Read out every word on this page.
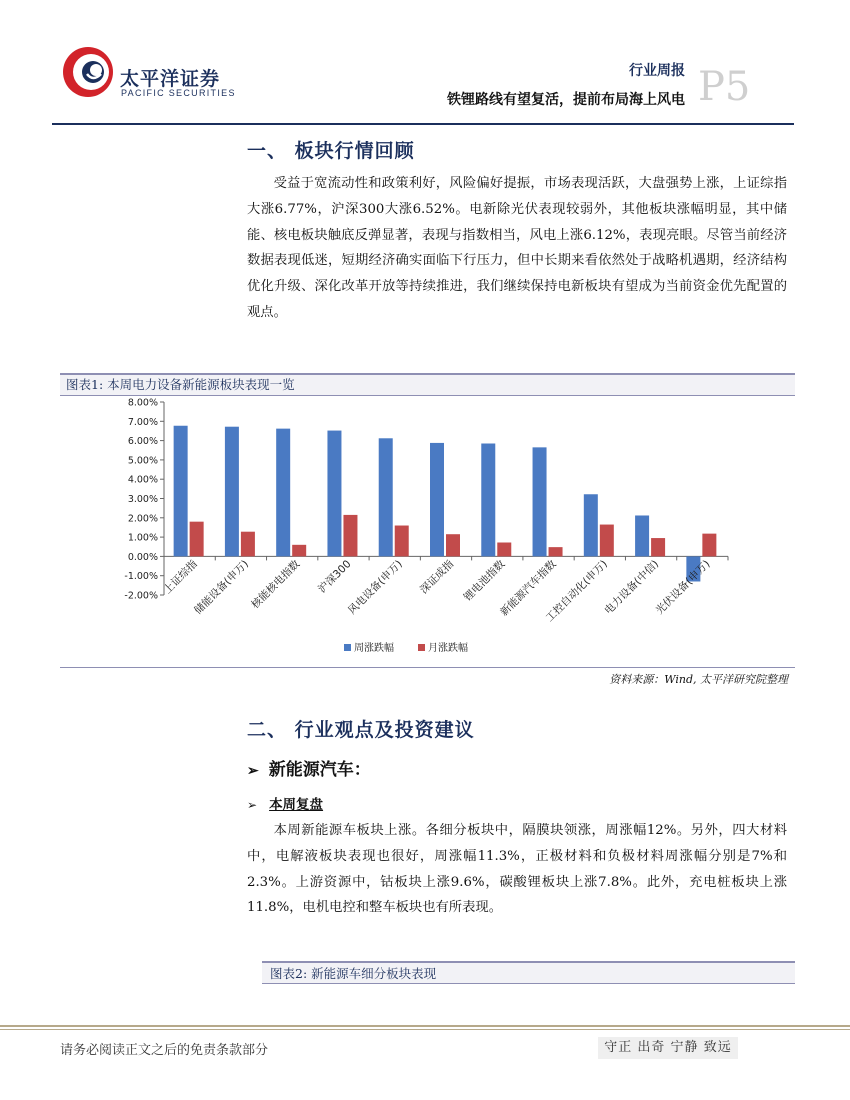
太平洋证券
PACIFIC SECURITIES
行业周报
铁锂路线有望复活，提前布局海上风电 P5
一、 板块行情回顾
受益于宽流动性和政策利好，风险偏好提振，市场表现活跃，大盘强势上涨，上证综指大涨6.77%，沪深300大涨6.52%。电新除光伏表现较弱外，其他板块涨幅明显，其中储能、核电板块触底反弹显著，表现与指数相当，风电上涨6.12%，表现亮眼。尽管当前经济数据表现低迷，短期经济确实面临下行压力，但中长期来看依然处于战略机遇期，经济结构优化升级、深化改革开放等持续推进，我们继续保持电新板块有望成为当前资金优先配置的观点。
图表1: 本周电力设备新能源板块表现一览
-2.00%
-1.00%
0.00%
1.00%
2.00%
3.00%
4.00%
5.00%
6.00%
7.00%
8.00%
上证综指
储能设备(申万)
核能核电指数 沪深300
风电设备(申万) 深证成指 锂电池指数
新能源汽车指数
工控自动化(申万)
电力设备(中信)
光伏设备(申万)
周涨跌幅	月涨跌幅
资料来源：Wind, 太平洋研究院整理
二、 行业观点及投资建议
➢ 新能源汽车：
➢ 本周复盘
本周新能源车板块上涨。各细分板块中，隔膜块领涨，周涨幅12%。另外，四大材料中，电解液板块表现也很好，周涨幅11.3%，正极材料和负极材料周涨幅分别是7%和2.3%。上游资源中，钴板块上涨9.6%，碳酸锂板块上涨7.8%。此外，充电桩板块上涨11.8%，电机电控和整车板块也有所表现。
图表2: 新能源车细分板块表现
请务必阅读正文之后的免责条款部分	守正 出奇 宁静 致远
